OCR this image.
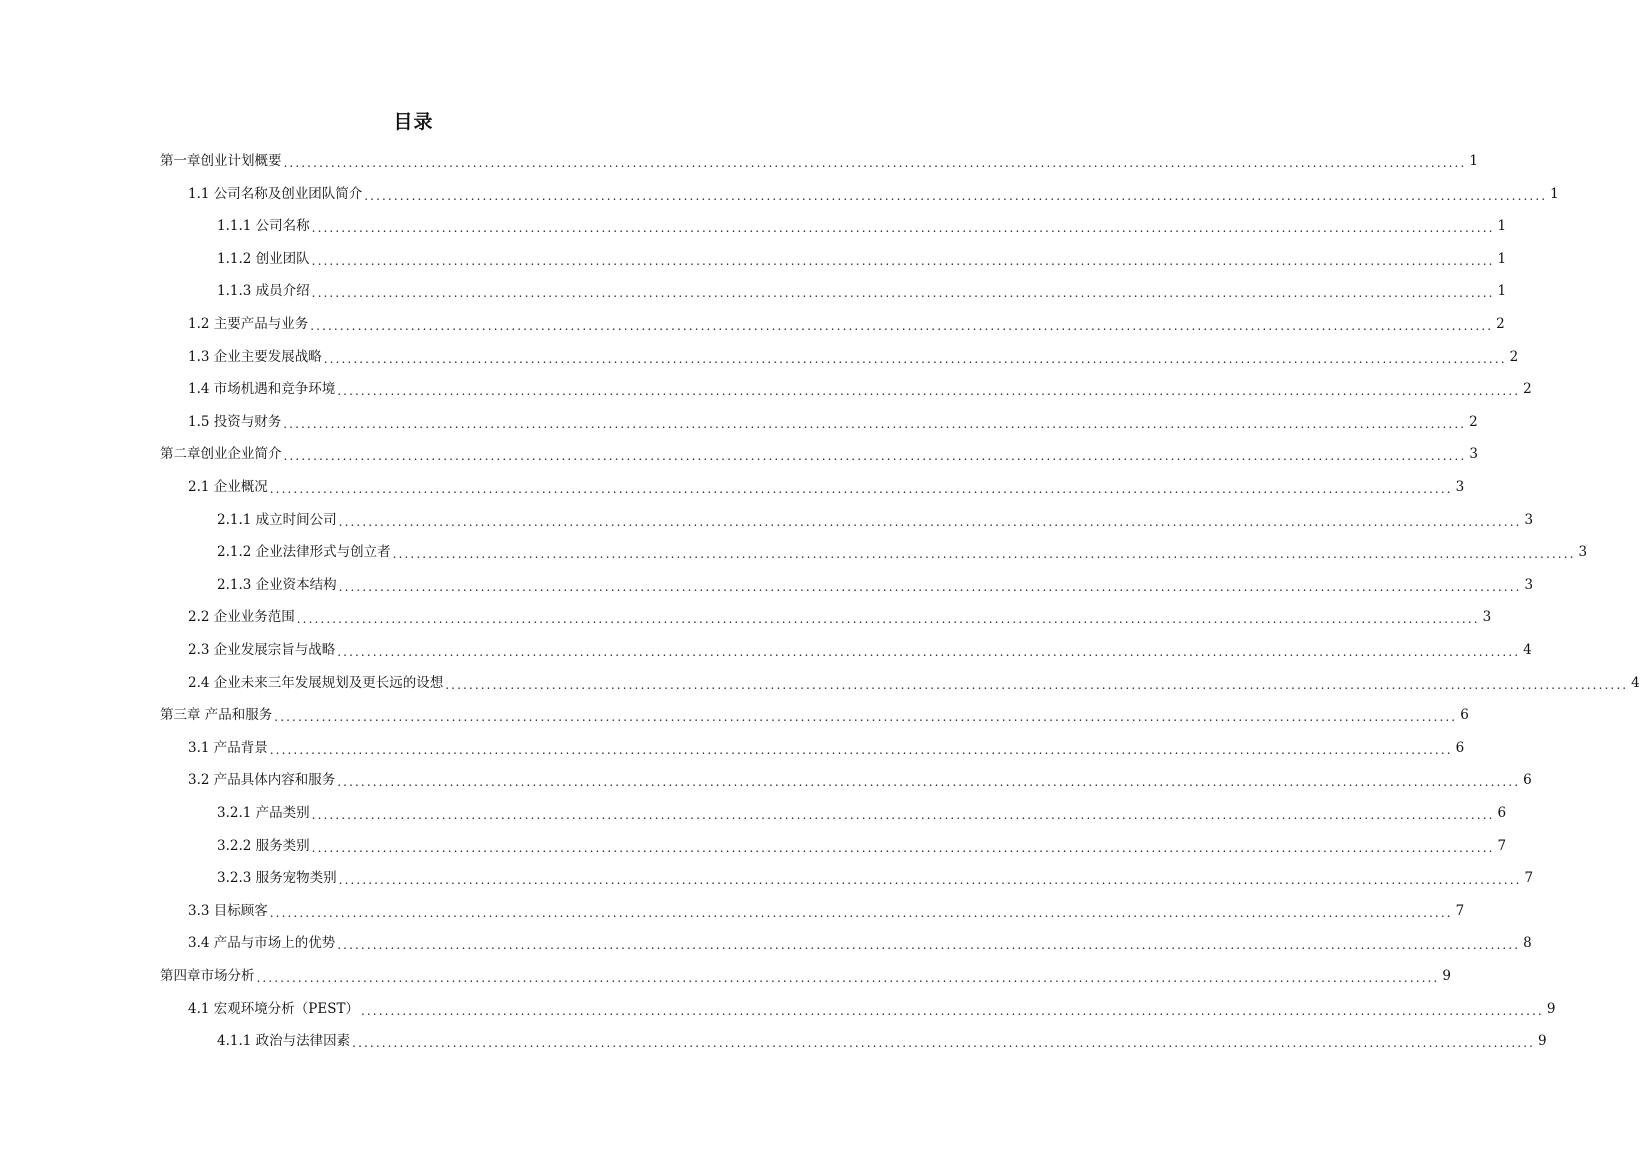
目录
第一章创业计划概要 ........................................................................................................................................................................................................ 1
1.1 公司名称及创业团队简介 ........................................................................................................................................................................................................ 1
1.1.1 公司名称 ........................................................................................................................................................................................................ 1
1.1.2 创业团队 ........................................................................................................................................................................................................ 1
1.1.3 成员介绍 ........................................................................................................................................................................................................ 1
1.2 主要产品与业务 ........................................................................................................................................................................................................ 2
1.3 企业主要发展战略 ........................................................................................................................................................................................................ 2
1.4 市场机遇和竞争环境 ........................................................................................................................................................................................................ 2
1.5 投资与财务 ........................................................................................................................................................................................................ 2
第二章创业企业简介 ........................................................................................................................................................................................................ 3
2.1 企业概况 ........................................................................................................................................................................................................ 3
2.1.1 成立时间公司 ........................................................................................................................................................................................................ 3
2.1.2 企业法律形式与创立者 ........................................................................................................................................................................................................ 3
2.1.3 企业资本结构 ........................................................................................................................................................................................................ 3
2.2 企业业务范围 ........................................................................................................................................................................................................ 3
2.3 企业发展宗旨与战略 ........................................................................................................................................................................................................ 4
2.4 企业未来三年发展规划及更长远的设想 ........................................................................................................................................................................................................ 4
第三章 产品和服务 ........................................................................................................................................................................................................ 6
3.1 产品背景 ........................................................................................................................................................................................................ 6
3.2 产品具体内容和服务 ........................................................................................................................................................................................................ 6
3.2.1 产品类别 ........................................................................................................................................................................................................ 6
3.2.2 服务类别 ........................................................................................................................................................................................................ 7
3.2.3 服务宠物类别 ........................................................................................................................................................................................................ 7
3.3 目标顾客 ........................................................................................................................................................................................................ 7
3.4 产品与市场上的优势 ........................................................................................................................................................................................................ 8
第四章市场分析 ........................................................................................................................................................................................................ 9
4.1 宏观环境分析（PEST） ........................................................................................................................................................................................................ 9
4.1.1 政治与法律因素 ........................................................................................................................................................................................................ 9
